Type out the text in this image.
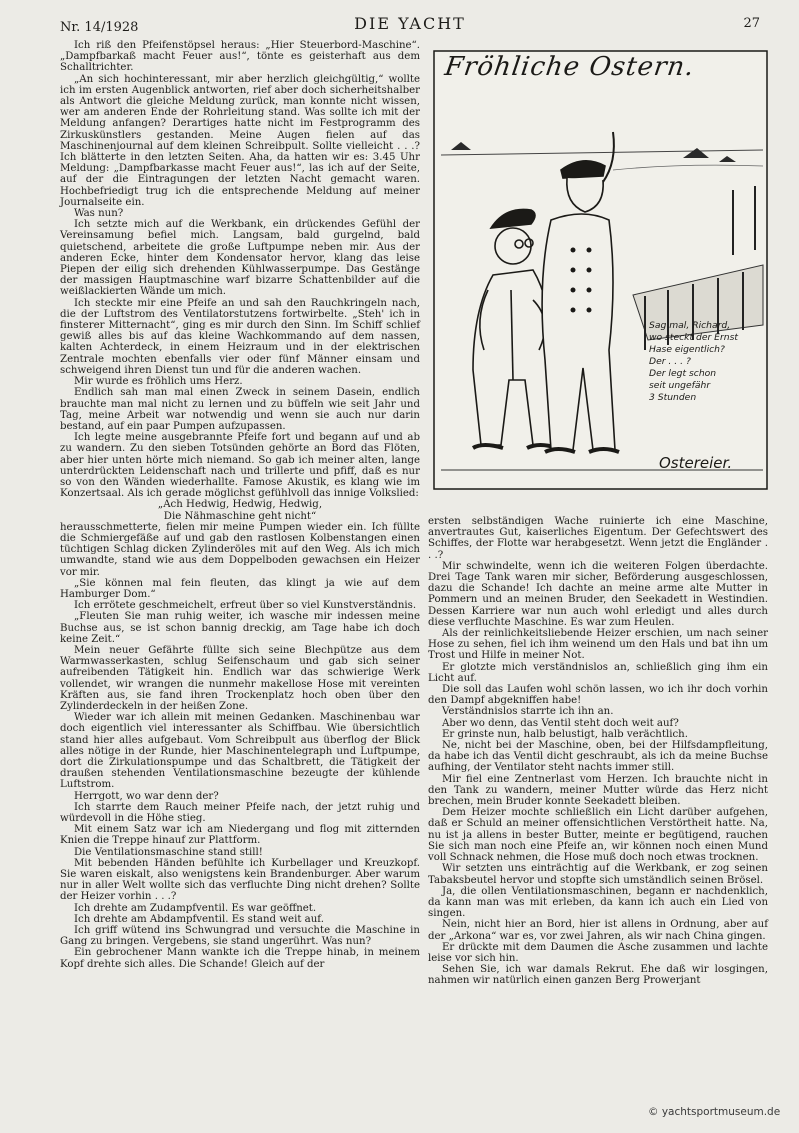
Nr. 14/1928	DIE YACHT	27

Ich riß den Pfeifenstöpsel heraus: „Hier Steuerbord-Maschine“. „Dampfbarkaß macht Feuer aus!“, tönte es geisterhaft aus dem Schalltrichter.

„An sich hochinteressant, mir aber herzlich gleichgültig,“ wollte ich im ersten Augenblick antworten, rief aber doch sicherheitshalber als Antwort die gleiche Meldung zurück, man konnte nicht wissen, wer am anderen Ende der Rohrleitung stand. Was sollte ich mit der Meldung anfangen? Derartiges hatte nicht im Festprogramm des Zirkuskünstlers gestanden. Meine Augen fielen auf das Maschinenjournal auf dem kleinen Schreibpult. Sollte vielleicht . . .? Ich blätterte in den letzten Seiten. Aha, da hatten wir es: 3.45 Uhr Meldung: „Dampfbarkasse macht Feuer aus!“, las ich auf der Seite, auf der die Eintragungen der letzten Nacht gemacht waren. Hochbefriedigt trug ich die entsprechende Meldung auf meiner Journalseite ein.

Was nun?

Ich setzte mich auf die Werkbank, ein drückendes Gefühl der Vereinsamung befiel mich. Langsam, bald gurgelnd, bald quietschend, arbeitete die große Luftpumpe neben mir. Aus der anderen Ecke, hinter dem Kondensator hervor, klang das leise Piepen der eilig sich drehenden Kühlwasserpumpe. Das Gestänge der massigen Hauptmaschine warf bizarre Schattenbilder auf die weißlackierten Wände um mich.

Ich steckte mir eine Pfeife an und sah den Rauchkringeln nach, die der Luftstrom des Ventilatorstutzens fortwirbelte. „Steh' ich in finsterer Mitternacht“, ging es mir durch den Sinn. Im Schiff schlief gewiß alles bis auf das kleine Wachkommando auf dem nassen, kalten Achterdeck, in einem Heizraum und in der elektrischen Zentrale mochten ebenfalls vier oder fünf Männer einsam und schweigend ihren Dienst tun und für die anderen wachen.

Mir wurde es fröhlich ums Herz.

Endlich sah man mal einen Zweck in seinem Dasein, endlich brauchte man mal nicht zu lernen und zu büffeln wie seit Jahr und Tag, meine Arbeit war notwendig und wenn sie auch nur darin bestand, auf ein paar Pumpen aufzupassen.

Ich legte meine ausgebrannte Pfeife fort und begann auf und ab zu wandern. Zu den sieben Totsünden gehörte an Bord das Flöten, aber hier unten hörte mich niemand. So gab ich meiner alten, lange unterdrückten Leidenschaft nach und trillerte und pfiff, daß es nur so von den Wänden wiederhallte. Famose Akustik, es klang wie im Konzertsaal. Als ich gerade möglichst gefühlvoll das innige Volkslied:

„Ach Hedwig, Hedwig, Hedwig,

Die Nähmaschine geht nicht“

herausschmetterte, fielen mir meine Pumpen wieder ein. Ich füllte die Schmiergefäße auf und gab den rastlosen Kolbenstangen einen tüchtigen Schlag dicken Zylinderöles mit auf den Weg. Als ich mich umwandte, stand wie aus dem Doppelboden gewachsen ein Heizer vor mir.

„Sie können mal fein fleuten, das klingt ja wie auf dem Hamburger Dom.“

Ich errötete geschmeichelt, erfreut über so viel Kunstverständnis.

„Fleuten Sie man ruhig weiter, ich wasche mir indessen meine Buchse aus, se ist schon bannig dreckig, am Tage habe ich doch keine Zeit.“

Mein neuer Gefährte füllte sich seine Blechpütze aus dem Warmwasserkasten, schlug Seifenschaum und gab sich seiner aufreibenden Tätigkeit hin. Endlich war das schwierige Werk vollendet, wir wrangen die nunmehr makellose Hose mit vereinten Kräften aus, sie fand ihren Trockenplatz hoch oben über den Zylinderdeckeln in der heißen Zone.

Wieder war ich allein mit meinen Gedanken. Maschinenbau war doch eigentlich viel interessanter als Schiffbau. Wie übersichtlich stand hier alles aufgebaut. Vom Schreibpult aus überflog der Blick alles nötige in der Runde, hier Maschinentelegraph und Luftpumpe, dort die Zirkulationspumpe und das Schaltbrett, die Tätigkeit der draußen stehenden Ventilationsmaschine bezeugte der kühlende Luftstrom.

Herrgott, wo war denn der?

Ich starrte dem Rauch meiner Pfeife nach, der jetzt ruhig und würdevoll in die Höhe stieg.

Mit einem Satz war ich am Niedergang und flog mit zitternden Knien die Treppe hinauf zur Plattform.

Die Ventilationsmaschine stand still!

Mit bebenden Händen befühlte ich Kurbellager und Kreuzkopf. Sie waren eiskalt, also wenigstens kein Brandenburger. Aber warum nur in aller Welt wollte sich das verfluchte Ding nicht drehen? Sollte der Heizer vorhin . . .?

Ich drehte am Zudampfventil. Es war geöffnet.

Ich drehte am Abdampfventil. Es stand weit auf.

Ich griff wütend ins Schwungrad und versuchte die Maschine in Gang zu bringen. Vergebens, sie stand ungerührt. Was nun?

Ein gebrochener Mann wankte ich die Treppe hinab, in meinem Kopf drehte sich alles. Die Schande! Gleich auf der

Fröhliche Ostern.
Sag mal, Richard,
wo steckt der Ernst
Hase eigentlich?
Der . . . ?
Der legt schon
seit ungefähr
3 Stunden
Ostereier.

ersten selbständigen Wache ruinierte ich eine Maschine, anvertrautes Gut, kaiserliches Eigentum. Der Gefechtswert des Schiffes, der Flotte war herabgesetzt. Wenn jetzt die Engländer . . .?

Mir schwindelte, wenn ich die weiteren Folgen überdachte. Drei Tage Tank waren mir sicher, Beförderung ausgeschlossen, dazu die Schande! Ich dachte an meine arme alte Mutter in Pommern und an meinen Bruder, den Seekadett in Westindien. Dessen Karriere war nun auch wohl erledigt und alles durch diese verfluchte Maschine. Es war zum Heulen.

Als der reinlichkeitsliebende Heizer erschien, um nach seiner Hose zu sehen, fiel ich ihm weinend um den Hals und bat ihn um Trost und Hilfe in meiner Not.

Er glotzte mich verständnislos an, schließlich ging ihm ein Licht auf.

Die soll das Laufen wohl schön lassen, wo ich ihr doch vorhin den Dampf abgekniffen habe!

Verständnislos starrte ich ihn an.

Aber wo denn, das Ventil steht doch weit auf?

Er grinste nun, halb belustigt, halb verächtlich.

Ne, nicht bei der Maschine, oben, bei der Hilfsdampfleitung, da habe ich das Ventil dicht geschraubt, als ich da meine Buchse aufhing, der Ventilator steht nachts immer still.

Mir fiel eine Zentnerlast vom Herzen. Ich brauchte nicht in den Tank zu wandern, meiner Mutter würde das Herz nicht brechen, mein Bruder konnte Seekadett bleiben.

Dem Heizer mochte schließlich ein Licht darüber aufgehen, daß er Schuld an meiner offensichtlichen Verstörtheit hatte. Na, nu ist ja allens in bester Butter, meinte er begütigend, rauchen Sie sich man noch eine Pfeife an, wir können noch einen Mund voll Schnack nehmen, die Hose muß doch noch etwas trocknen.

Wir setzten uns einträchtig auf die Werkbank, er zog seinen Tabaksbeutel hervor und stopfte sich umständlich seinen Brösel.

Ja, die ollen Ventilationsmaschinen, begann er nachdenklich, da kann man was mit erleben, da kann ich auch ein Lied von singen.

Nein, nicht hier an Bord, hier ist allens in Ordnung, aber auf der „Arkona“ war es, vor zwei Jahren, als wir nach China gingen.

Er drückte mit dem Daumen die Asche zusammen und lachte leise vor sich hin.

Sehen Sie, ich war damals Rekrut. Ehe daß wir losgingen, nahmen wir natürlich einen ganzen Berg Prowerjant

© yachtsportmuseum.de
